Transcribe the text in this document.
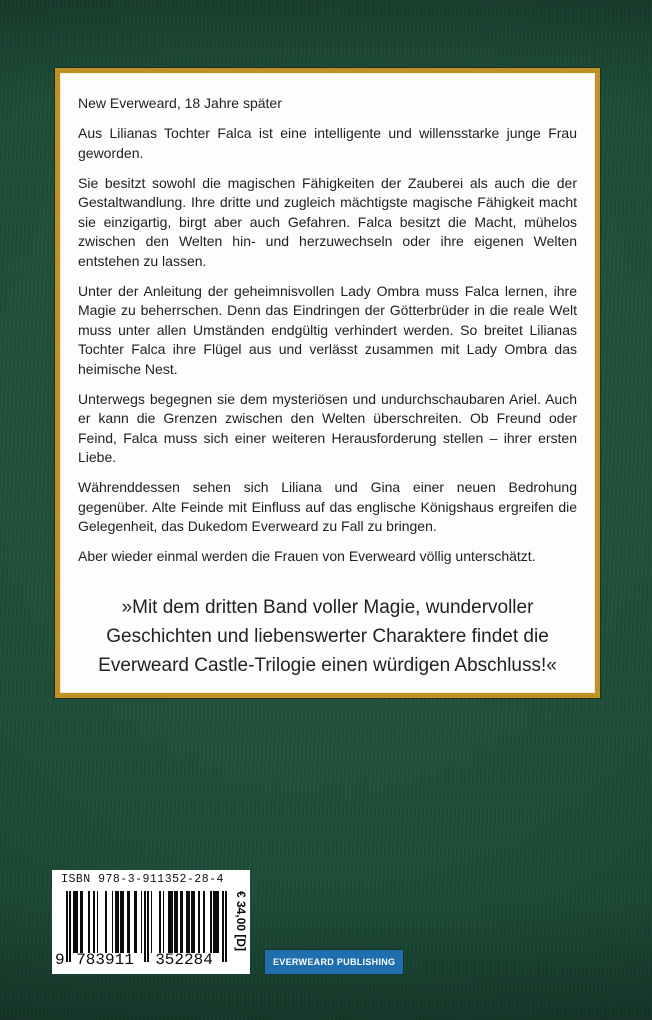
New Everweard, 18 Jahre später

Aus Lilianas Tochter Falca ist eine intelligente und willensstarke junge Frau geworden.

Sie besitzt sowohl die magischen Fähigkeiten der Zauberei als auch die der Gestaltwandlung. Ihre dritte und zugleich mächtigste magische Fähigkeit macht sie einzigartig, birgt aber auch Gefahren. Falca besitzt die Macht, mühelos zwischen den Welten hin- und herzuwechseln oder ihre eigenen Welten entstehen zu lassen.

Unter der Anleitung der geheimnisvollen Lady Ombra muss Falca lernen, ihre Magie zu beherrschen. Denn das Eindringen der Götterbrüder in die reale Welt muss unter allen Umständen endgültig verhindert werden. So breitet Lilianas Tochter Falca ihre Flügel aus und verlässt zusammen mit Lady Ombra das heimische Nest.

Unterwegs begegnen sie dem mysteriösen und undurchschaubaren Ariel. Auch er kann die Grenzen zwischen den Welten überschreiten. Ob Freund oder Feind, Falca muss sich einer weiteren Herausforderung stellen – ihrer ersten Liebe.

Währenddessen sehen sich Liliana und Gina einer neuen Bedrohung gegenüber. Alte Feinde mit Einfluss auf das englische Königshaus ergreifen die Gelegenheit, das Dukedom Everweard zu Fall zu bringen.

Aber wieder einmal werden die Frauen von Everweard völlig unterschätzt.

»Mit dem dritten Band voller Magie, wundervoller Geschichten und liebenswerter Charaktere findet die Everweard Castle-Trilogie einen würdigen Abschluss!«
ISBN 978-3-911352-28-4
9 783911	352284
€ 34,00 [D]
EVERWEARD PUBLISHING
